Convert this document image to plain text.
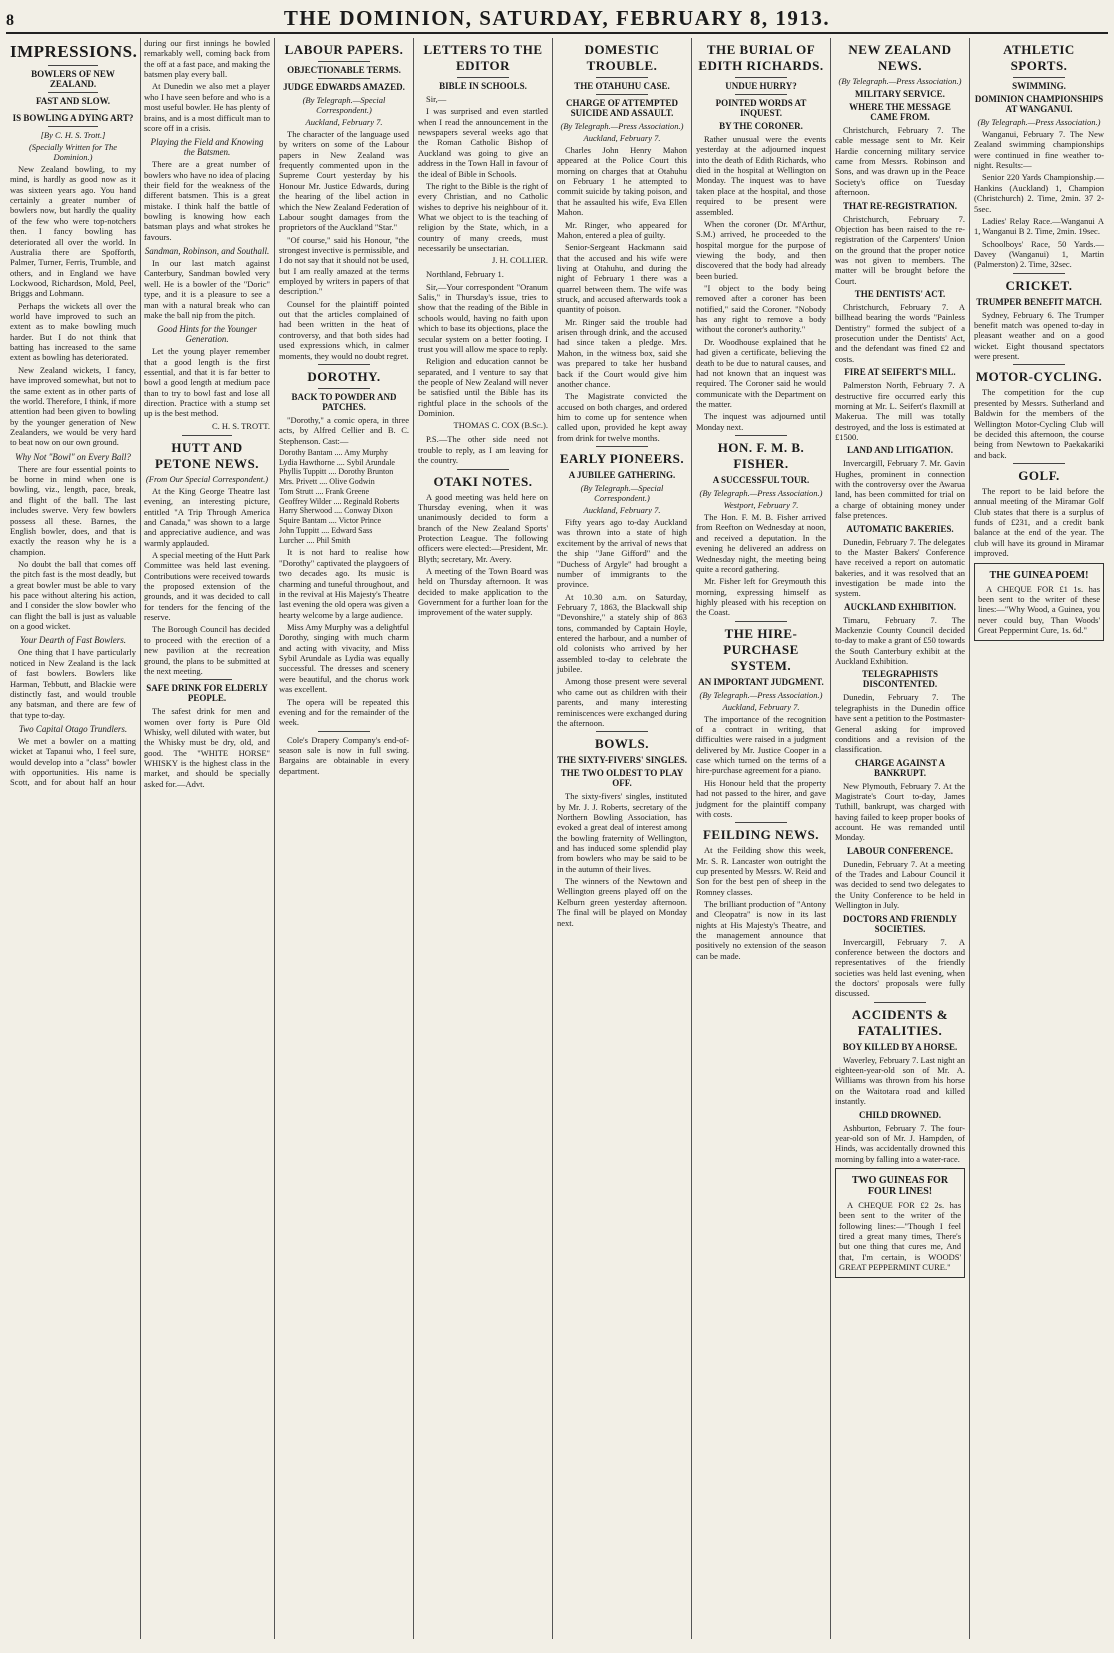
8	THE DOMINION, SATURDAY, FEBRUARY 8, 1913.
IMPRESSIONS.
BOWLERS OF NEW ZEALAND.
FAST AND SLOW.
IS BOWLING A DYING ART?
[By C. H. S. Trott.]
(Specially Written for The Dominion.)

New Zealand bowling, to my mind, is hardly as good now as it was sixteen years ago. You hand certainly a greater number of bowlers now, but hardly the quality of the few who were top-notchers then. I fancy bowling has deteriorated all over the world. In Australia there are Spofforth, Palmer, Turner, Ferris, Trumble, and others, and in England we have Lockwood, Richardson, Mold, Peel, Briggs and Lohmann.

Perhaps the wickets all over the world have improved to such an extent as to make bowling much harder. But I do not think that batting has increased to the same extent as bowling has deteriorated.

New Zealand wickets, I fancy, have improved somewhat, but not to the same extent as in other parts of the world. Therefore, I think, if more attention had been given to bowling by the younger generation of New Zealanders, we would be very hard to beat now on our own ground.

Why Not "Bowl" on Every Ball?

There are four essential points to be borne in mind when one is bowling, viz., length, pace, break, and flight of the ball. The last includes swerve. Very few bowlers possess all these. Barnes, the English bowler, does, and that is exactly the reason why he is a champion.

No doubt the ball that comes off the pitch fast is the most deadly, but a great bowler must be able to vary his pace without altering his action, and I consider the slow bowler who can flight the ball is just as valuable on a good wicket.

Your Dearth of Fast Bowlers.

One thing that I have particularly noticed in New Zealand is the lack of fast bowlers. Bowlers like Harman, Tebbutt, and Blackie were distinctly fast, and would trouble any batsman, and there are few of that type to-day.

Two Capital Otago Trundlers.

We met a bowler on a matting wicket at Tapanui who, I feel sure, would develop into a "class" bowler with opportunities. His name is Scott, and for about half an hour during our first innings he bowled remarkably well, coming back from the off at a fast pace, and making the batsmen play every ball.

At Dunedin we also met a player who I have seen before and who is a most useful bowler. He has plenty of brains, and is a most difficult man to score off in a crisis.

Playing the Field and Knowing the Batsmen.

There are a great number of bowlers who have no idea of placing their field for the weakness of the different batsmen. This is a great mistake. I think half the battle of bowling is knowing how each batsman plays and what strokes he favours.

Sandman, Robinson, and Southall.

In our last match against Canterbury, Sandman bowled very well. He is a bowler of the "Doric" type, and it is a pleasure to see a man with a natural break who can make the ball nip from the pitch.

Good Hints for the Younger Generation.

Let the young player remember that a good length is the first essential, and that it is far better to bowl a good length at medium pace than to try to bowl fast and lose all direction. Practice with a stump set up is the best method.

C. H. S. TROTT.
HUTT AND PETONE NEWS.
(From Our Special Correspondent.)

At the King George Theatre last evening, an interesting picture, entitled "A Trip Through America and Canada," was shown to a large and appreciative audience, and was warmly applauded.

A special meeting of the Hutt Park Committee was held last evening. Contributions were received towards the proposed extension of the grounds, and it was decided to call for tenders for the fencing of the reserve.

The Borough Council has decided to proceed with the erection of a new pavilion at the recreation ground, the plans to be submitted at the next meeting.

SAFE DRINK FOR ELDERLY PEOPLE.

The safest drink for men and women over forty is Pure Old Whisky, well diluted with water, but the Whisky must be dry, old, and good. The "WHITE HORSE" WHISKY is the highest class in the market, and should be specially asked for.—Advt.

LABOUR PAPERS.
OBJECTIONABLE TERMS.
JUDGE EDWARDS AMAZED.
(By Telegraph.—Special Correspondent.)
Auckland, February 7.

The character of the language used by writers on some of the Labour papers in New Zealand was frequently commented upon in the Supreme Court yesterday by his Honour Mr. Justice Edwards, during the hearing of the libel action in which the New Zealand Federation of Labour sought damages from the proprietors of the Auckland "Star."

"Of course," said his Honour, "the strongest invective is permissible, and I do not say that it should not be used, but I am really amazed at the terms employed by writers in papers of that description."

Counsel for the plaintiff pointed out that the articles complained of had been written in the heat of controversy, and that both sides had used expressions which, in calmer moments, they would no doubt regret.

DOROTHY.
BACK TO POWDER AND PATCHES.

"Dorothy," a comic opera, in three acts, by Alfred Cellier and B. C. Stephenson. Cast:—

Dorothy Bantam .... Amy Murphy
Lydia Hawthorne .... Sybil Arundale
Phyllis Tuppitt .... Dorothy Brunton
Mrs. Privett .... Olive Godwin
Tom Strutt .... Frank Greene
Geoffrey Wilder .... Reginald Roberts
Harry Sherwood .... Conway Dixon
Squire Bantam .... Victor Prince
John Tuppitt .... Edward Sass
Lurcher .... Phil Smith

It is not hard to realise how "Dorothy" captivated the playgoers of two decades ago. Its music is charming and tuneful throughout, and in the revival at His Majesty's Theatre last evening the old opera was given a hearty welcome by a large audience.

Miss Amy Murphy was a delightful Dorothy, singing with much charm and acting with vivacity, and Miss Sybil Arundale as Lydia was equally successful. The dresses and scenery were beautiful, and the chorus work was excellent.

The opera will be repeated this evening and for the remainder of the week.

Cole's Drapery Company's end-of-season sale is now in full swing. Bargains are obtainable in every department.

LETTERS TO THE EDITOR
BIBLE IN SCHOOLS.

Sir,—

I was surprised and even startled when I read the announcement in the newspapers several weeks ago that the Roman Catholic Bishop of Auckland was going to give an address in the Town Hall in favour of the ideal of Bible in Schools.

The right to the Bible is the right of every Christian, and no Catholic wishes to deprive his neighbour of it. What we object to is the teaching of religion by the State, which, in a country of many creeds, must necessarily be unsectarian.

J. H. COLLIER.

Northland, February 1.

Sir,—Your correspondent "Oranum Salis," in Thursday's issue, tries to show that the reading of the Bible in schools would, having no faith upon which to base its objections, place the secular system on a better footing. I trust you will allow me space to reply.

Religion and education cannot be separated, and I venture to say that the people of New Zealand will never be satisfied until the Bible has its rightful place in the schools of the Dominion.

THOMAS C. COX (B.Sc.).

P.S.—The other side need not trouble to reply, as I am leaving for the country.

OTAKI NOTES.

A good meeting was held here on Thursday evening, when it was unanimously decided to form a branch of the New Zealand Sports' Protection League. The following officers were elected:—President, Mr. Blyth; secretary, Mr. Avery.

A meeting of the Town Board was held on Thursday afternoon. It was decided to make application to the Government for a further loan for the improvement of the water supply.

DOMESTIC TROUBLE.
THE OTAHUHU CASE.
CHARGE OF ATTEMPTED SUICIDE AND ASSAULT.
(By Telegraph.—Press Association.)
Auckland, February 7.

Charles John Henry Mahon appeared at the Police Court this morning on charges that at Otahuhu on February 1 he attempted to commit suicide by taking poison, and that he assaulted his wife, Eva Ellen Mahon.

Mr. Ringer, who appeared for Mahon, entered a plea of guilty.

Senior-Sergeant Hackmann said that the accused and his wife were living at Otahuhu, and during the night of February 1 there was a quarrel between them. The wife was struck, and accused afterwards took a quantity of poison.

Mr. Ringer said the trouble had arisen through drink, and the accused had since taken a pledge. Mrs. Mahon, in the witness box, said she was prepared to take her husband back if the Court would give him another chance.

The Magistrate convicted the accused on both charges, and ordered him to come up for sentence when called upon, provided he kept away from drink for twelve months.

EARLY PIONEERS.
A JUBILEE GATHERING.
(By Telegraph.—Special Correspondent.)
Auckland, February 7.

Fifty years ago to-day Auckland was thrown into a state of high excitement by the arrival of news that the ship "Jane Gifford" and the "Duchess of Argyle" had brought a number of immigrants to the province.

At 10.30 a.m. on Saturday, February 7, 1863, the Blackwall ship "Devonshire," a stately ship of 863 tons, commanded by Captain Hoyle, entered the harbour, and a number of old colonists who arrived by her assembled to-day to celebrate the jubilee.

Among those present were several who came out as children with their parents, and many interesting reminiscences were exchanged during the afternoon.

BOWLS.
THE SIXTY-FIVERS' SINGLES.
THE TWO OLDEST TO PLAY OFF.

The sixty-fivers' singles, instituted by Mr. J. J. Roberts, secretary of the Northern Bowling Association, has evoked a great deal of interest among the bowling fraternity of Wellington, and has induced some splendid play from bowlers who may be said to be in the autumn of their lives.

The winners of the Newtown and Wellington greens played off on the Kelburn green yesterday afternoon. The final will be played on Monday next.

THE BURIAL OF EDITH RICHARDS.
UNDUE HURRY?
POINTED WORDS AT INQUEST.
BY THE CORONER.

Rather unusual were the events yesterday at the adjourned inquest into the death of Edith Richards, who died in the hospital at Wellington on Monday. The inquest was to have taken place at the hospital, and those required to be present were assembled.

When the coroner (Dr. M'Arthur, S.M.) arrived, he proceeded to the hospital morgue for the purpose of viewing the body, and then discovered that the body had already been buried.

"I object to the body being removed after a coroner has been notified," said the Coroner. "Nobody has any right to remove a body without the coroner's authority."

Dr. Woodhouse explained that he had given a certificate, believing the death to be due to natural causes, and had not known that an inquest was required. The Coroner said he would communicate with the Department on the matter.

The inquest was adjourned until Monday next.

HON. F. M. B. FISHER.
A SUCCESSFUL TOUR.
(By Telegraph.—Press Association.)
Westport, February 7.

The Hon. F. M. B. Fisher arrived from Reefton on Wednesday at noon, and received a deputation. In the evening he delivered an address on Wednesday night, the meeting being quite a record gathering.

Mr. Fisher left for Greymouth this morning, expressing himself as highly pleased with his reception on the Coast.

THE HIRE-PURCHASE SYSTEM.
AN IMPORTANT JUDGMENT.
(By Telegraph.—Press Association.)
Auckland, February 7.

The importance of the recognition of a contract in writing, that difficulties were raised in a judgment delivered by Mr. Justice Cooper in a case which turned on the terms of a hire-purchase agreement for a piano.

His Honour held that the property had not passed to the hirer, and gave judgment for the plaintiff company with costs.

FEILDING NEWS.

At the Feilding show this week, Mr. S. R. Lancaster won outright the cup presented by Messrs. W. Reid and Son for the best pen of sheep in the Romney classes.

The brilliant production of "Antony and Cleopatra" is now in its last nights at His Majesty's Theatre, and the management announce that positively no extension of the season can be made.

NEW ZEALAND NEWS.
(By Telegraph.—Press Association.)
MILITARY SERVICE.
WHERE THE MESSAGE CAME FROM.

Christchurch, February 7. The cable message sent to Mr. Keir Hardie concerning military service came from Messrs. Robinson and Sons, and was drawn up in the Peace Society's office on Tuesday afternoon.

THAT RE-REGISTRATION.

Christchurch, February 7. Objection has been raised to the re-registration of the Carpenters' Union on the ground that the proper notice was not given to members. The matter will be brought before the Court.

THE DENTISTS' ACT.

Christchurch, February 7. A billhead bearing the words "Painless Dentistry" formed the subject of a prosecution under the Dentists' Act, and the defendant was fined £2 and costs.

FIRE AT SEIFERT'S MILL.

Palmerston North, February 7. A destructive fire occurred early this morning at Mr. L. Seifert's flaxmill at Makerua. The mill was totally destroyed, and the loss is estimated at £1500.

LAND AND LITIGATION.

Invercargill, February 7. Mr. Gavin Hughes, prominent in connection with the controversy over the Awarua land, has been committed for trial on a charge of obtaining money under false pretences.

AUTOMATIC BAKERIES.

Dunedin, February 7. The delegates to the Master Bakers' Conference have received a report on automatic bakeries, and it was resolved that an investigation be made into the system.

AUCKLAND EXHIBITION.

Timaru, February 7. The Mackenzie County Council decided to-day to make a grant of £50 towards the South Canterbury exhibit at the Auckland Exhibition.

TELEGRAPHISTS DISCONTENTED.

Dunedin, February 7. The telegraphists in the Dunedin office have sent a petition to the Postmaster-General asking for improved conditions and a revision of the classification.

CHARGE AGAINST A BANKRUPT.

New Plymouth, February 7. At the Magistrate's Court to-day, James Tuthill, bankrupt, was charged with having failed to keep proper books of account. He was remanded until Monday.

LABOUR CONFERENCE.

Dunedin, February 7. At a meeting of the Trades and Labour Council it was decided to send two delegates to the Unity Conference to be held in Wellington in July.

DOCTORS AND FRIENDLY SOCIETIES.

Invercargill, February 7. A conference between the doctors and representatives of the friendly societies was held last evening, when the doctors' proposals were fully discussed.

ACCIDENTS & FATALITIES.
BOY KILLED BY A HORSE.

Waverley, February 7. Last night an eighteen-year-old son of Mr. A. Williams was thrown from his horse on the Waitotara road and killed instantly.

CHILD DROWNED.

Ashburton, February 7. The four-year-old son of Mr. J. Hampden, of Hinds, was accidentally drowned this morning by falling into a water-race.

TWO GUINEAS FOR FOUR LINES!

A CHEQUE FOR £2 2s. has been sent to the writer of the following lines:—"Though I feel tired a great many times, There's but one thing that cures me, And that, I'm certain, is WOODS' GREAT PEPPERMINT CURE."

ATHLETIC SPORTS.
SWIMMING.
DOMINION CHAMPIONSHIPS AT WANGANUI.
(By Telegraph.—Press Association.)

Wanganui, February 7. The New Zealand swimming championships were continued in fine weather to-night. Results:—

Senior 220 Yards Championship.—Hankins (Auckland) 1, Champion (Christchurch) 2. Time, 2min. 37 2-5sec.

Ladies' Relay Race.—Wanganui A 1, Wanganui B 2. Time, 2min. 19sec.

Schoolboys' Race, 50 Yards.—Davey (Wanganui) 1, Martin (Palmerston) 2. Time, 32sec.

CRICKET.
TRUMPER BENEFIT MATCH.

Sydney, February 6. The Trumper benefit match was opened to-day in pleasant weather and on a good wicket. Eight thousand spectators were present.

MOTOR-CYCLING.

The competition for the cup presented by Messrs. Sutherland and Baldwin for the members of the Wellington Motor-Cycling Club will be decided this afternoon, the course being from Newtown to Paekakariki and back.

GOLF.

The report to be laid before the annual meeting of the Miramar Golf Club states that there is a surplus of funds of £231, and a credit bank balance at the end of the year. The club will have its ground in Miramar improved.

THE GUINEA POEM!

A CHEQUE FOR £1 1s. has been sent to the writer of these lines:—"Why Wood, a Guinea, you never could buy, Than Woods' Great Peppermint Cure, 1s. 6d."
